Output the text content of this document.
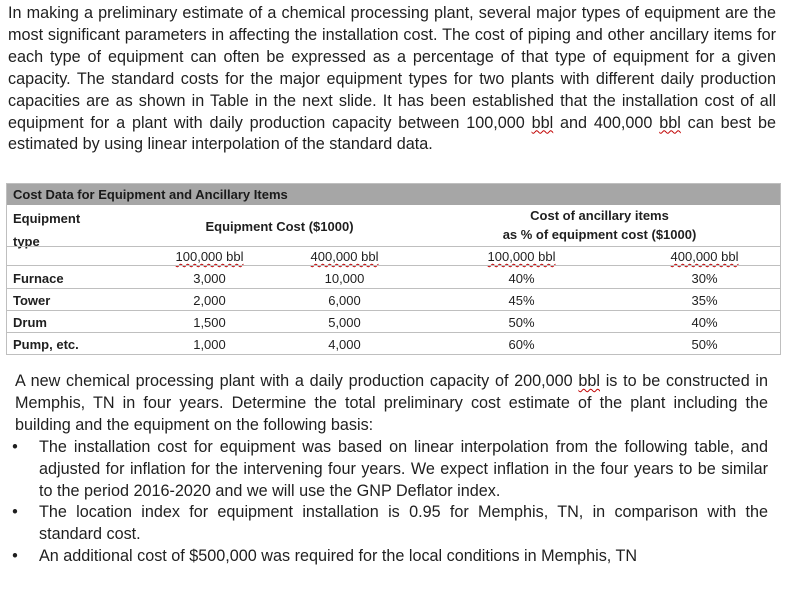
In making a preliminary estimate of a chemical processing plant, several major types of equipment are the most significant parameters in affecting the installation cost. The cost of piping and other ancillary items for each type of equipment can often be expressed as a percentage of that type of equipment for a given capacity. The standard costs for the major equipment types for two plants with different daily production capacities are as shown in Table in the next slide. It has been established that the installation cost of all equipment for a plant with daily production capacity between 100,000 bbl and 400,000 bbl can best be estimated by using linear interpolation of the standard data.
Cost Data for Equipment and Ancillary Items
Equipment
type
Equipment Cost ($1000)
Cost of ancillary items
as % of equipment cost ($1000)
100,000 bbl	400,000 bbl	100,000 bbl	400,000 bbl
Furnace	3,000	10,000	40%	30%
Tower	2,000	6,000	45%	35%
Drum	1,500	5,000	50%	40%
Pump, etc.	1,000	4,000	60%	50%
A new chemical processing plant with a daily production capacity of 200,000 bbl is to be constructed in Memphis, TN in four years. Determine the total preliminary cost estimate of the plant including the building and the equipment on the following basis:
• The installation cost for equipment was based on linear interpolation from the following table, and adjusted for inflation for the intervening four years. We expect inflation in the four years to be similar to the period 2016-2020 and we will use the GNP Deflator index.
• The location index for equipment installation is 0.95 for Memphis, TN, in comparison with the standard cost.
• An additional cost of $500,000 was required for the local conditions in Memphis, TN
